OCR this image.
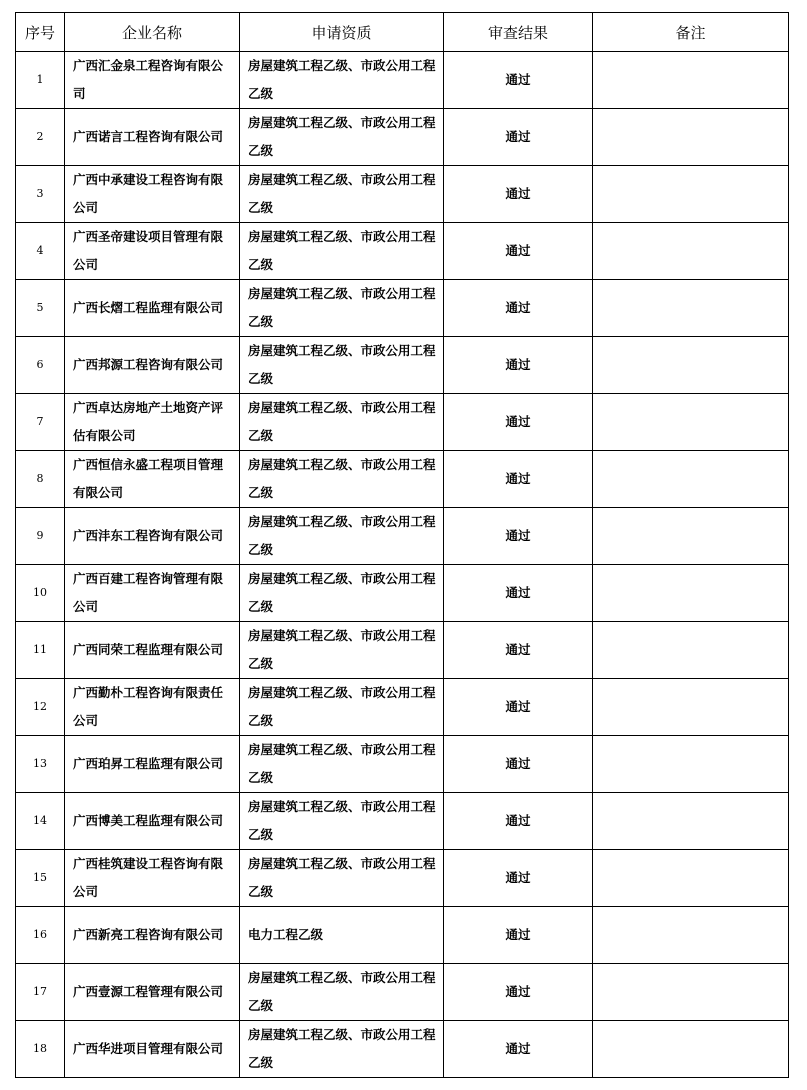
序号	企业名称	申请资质	审查结果	备注
1	广西汇金泉工程咨询有限公司	房屋建筑工程乙级、市政公用工程乙级	通过	
2	广西诺言工程咨询有限公司	房屋建筑工程乙级、市政公用工程乙级	通过	
3	广西中承建设工程咨询有限公司	房屋建筑工程乙级、市政公用工程乙级	通过	
4	广西圣帝建设项目管理有限公司	房屋建筑工程乙级、市政公用工程乙级	通过	
5	广西长熠工程监理有限公司	房屋建筑工程乙级、市政公用工程乙级	通过	
6	广西邦源工程咨询有限公司	房屋建筑工程乙级、市政公用工程乙级	通过	
7	广西卓达房地产土地资产评估有限公司	房屋建筑工程乙级、市政公用工程乙级	通过	
8	广西恒信永盛工程项目管理有限公司	房屋建筑工程乙级、市政公用工程乙级	通过	
9	广西沣东工程咨询有限公司	房屋建筑工程乙级、市政公用工程乙级	通过	
10	广西百建工程咨询管理有限公司	房屋建筑工程乙级、市政公用工程乙级	通过	
11	广西同荣工程监理有限公司	房屋建筑工程乙级、市政公用工程乙级	通过	
12	广西勤朴工程咨询有限责任公司	房屋建筑工程乙级、市政公用工程乙级	通过	
13	广西珀昇工程监理有限公司	房屋建筑工程乙级、市政公用工程乙级	通过	
14	广西博美工程监理有限公司	房屋建筑工程乙级、市政公用工程乙级	通过	
15	广西桂筑建设工程咨询有限公司	房屋建筑工程乙级、市政公用工程乙级	通过	
16	广西新亮工程咨询有限公司	电力工程乙级	通过	
17	广西壹源工程管理有限公司	房屋建筑工程乙级、市政公用工程乙级	通过	
18	广西华进项目管理有限公司	房屋建筑工程乙级、市政公用工程乙级	通过	
